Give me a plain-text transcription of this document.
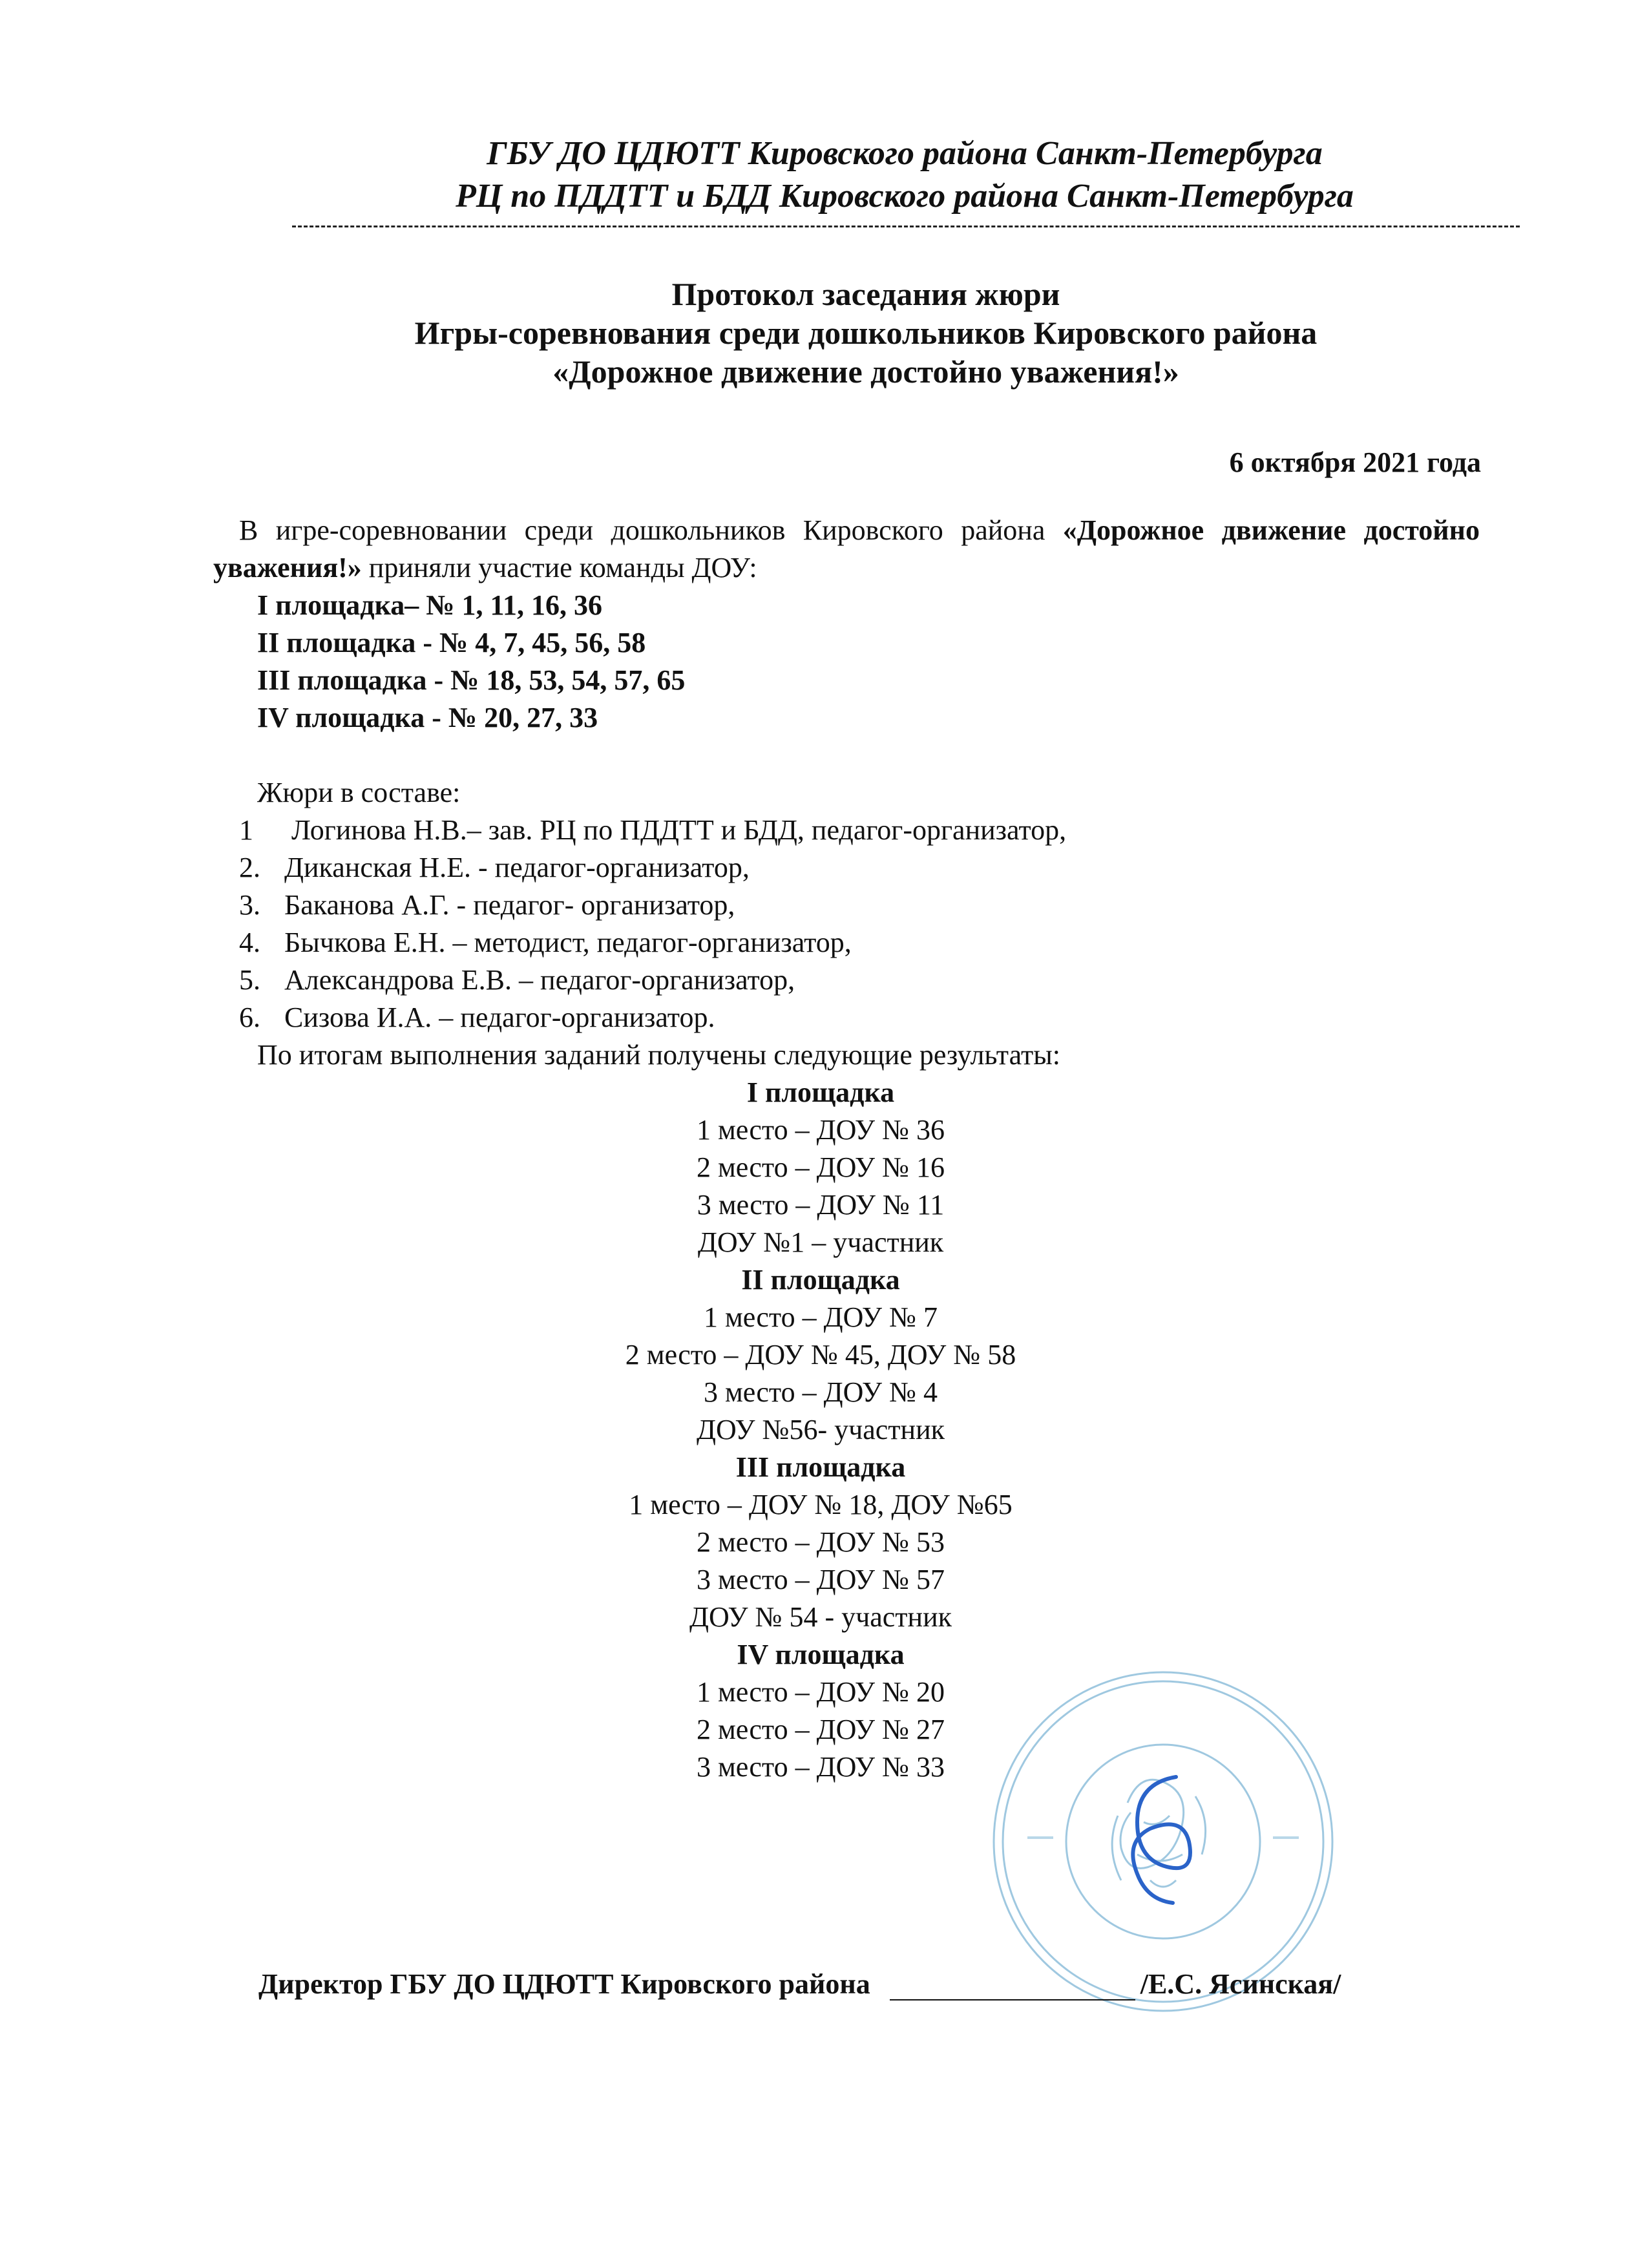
ГБУ ДО ЦДЮТТ Кировского района Санкт-Петербурга
РЦ по ПДДТТ и БДД Кировского района Санкт-Петербурга
Протокол заседания жюри
Игры-соревнования среди дошкольников Кировского района
«Дорожное движение достойно уважения!»
6 октября 2021 года

В игре-соревновании среди дошкольников Кировского района «Дорожное движение достойно уважения!» приняли участие команды ДОУ:

I площадка– № 1, 11, 16, 36
II площадка - № 4, 7, 45, 56, 58
III площадка - № 18, 53, 54, 57, 65
IV площадка - № 20, 27, 33
Жюри в составе:
1 Логинова Н.В.– зав. РЦ по ПДДТТ и БДД, педагог-организатор,
2. Диканская Н.Е. - педагог-организатор,
3. Баканова А.Г. - педагог- организатор,
4. Бычкова Е.Н. – методист, педагог-организатор,
5. Александрова Е.В. – педагог-организатор,
6. Сизова И.А. – педагог-организатор.
По итогам выполнения заданий получены следующие результаты:
I площадка
1 место – ДОУ № 36
2 место – ДОУ № 16
3 место – ДОУ № 11
ДОУ №1 – участник
II площадка
1 место – ДОУ № 7
2 место – ДОУ № 45, ДОУ № 58
3 место – ДОУ № 4
ДОУ №56- участник
III площадка
1 место – ДОУ № 18, ДОУ №65
2 место – ДОУ № 53
3 место – ДОУ № 57
ДОУ № 54 - участник
IV площадка
1 место – ДОУ № 20
2 место – ДОУ № 27
3 место – ДОУ № 33
Директор ГБУ ДО ЦДЮТТ Кировского района	/Е.С. Ясинская/
